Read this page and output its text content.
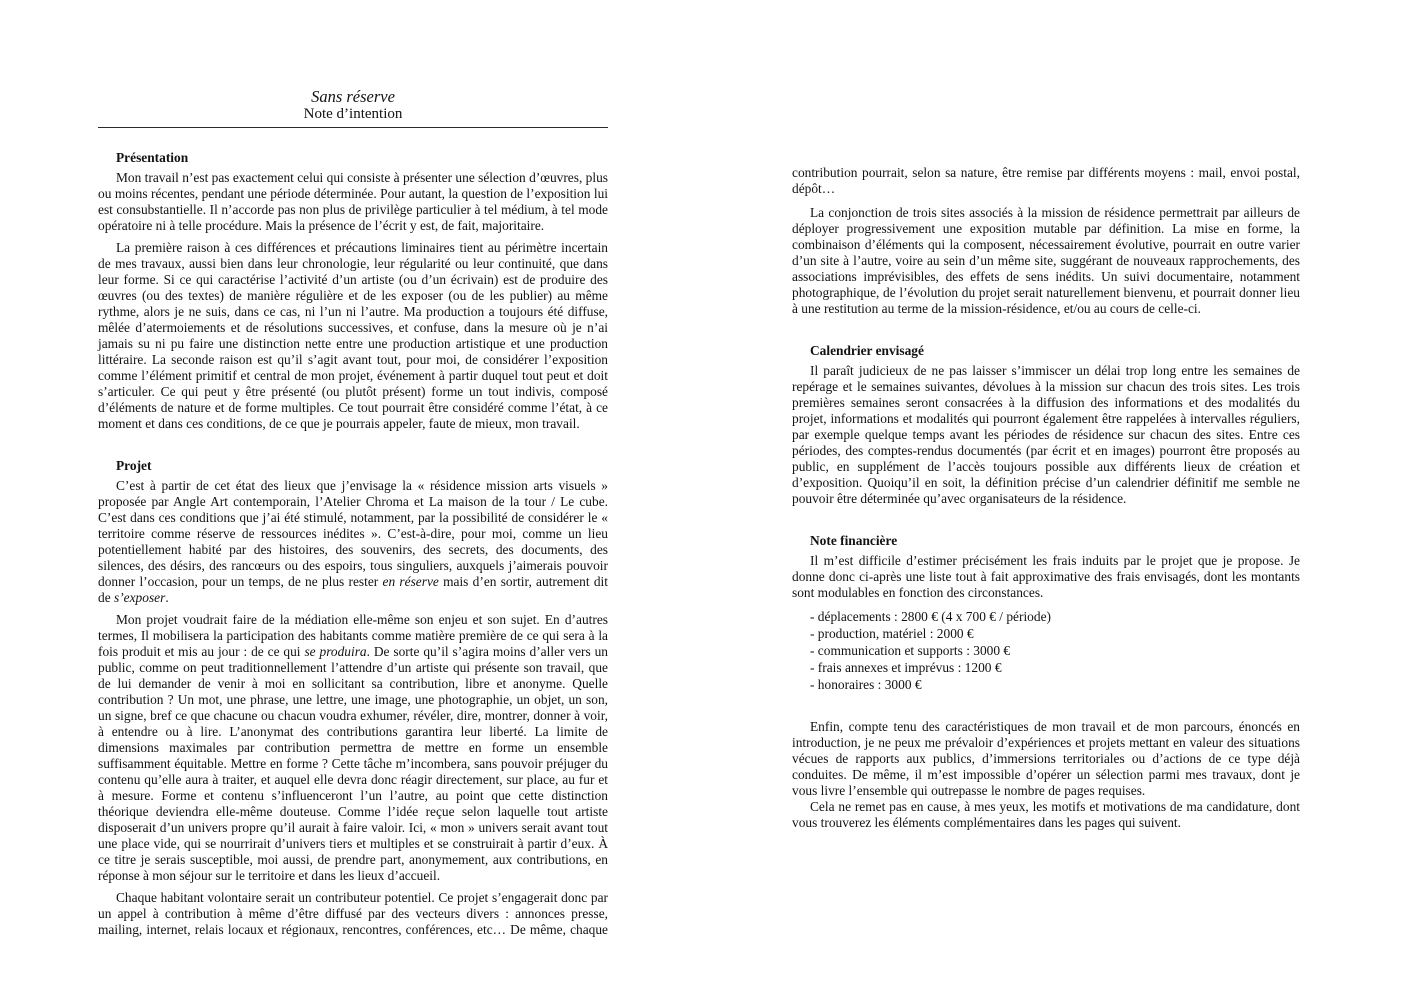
Sans réserve
Note d’intention
Présentation

Mon travail n’est pas exactement celui qui consiste à présenter une sélection d’œuvres, plus ou moins récentes, pendant une période déterminée. Pour autant, la question de l’exposition lui est consubstantielle. Il n’accorde pas non plus de privilège particulier à tel médium, à tel mode opératoire ni à telle procédure. Mais la présence de l’écrit y est, de fait, majoritaire.

La première raison à ces différences et précautions liminaires tient au périmètre incertain de mes travaux, aussi bien dans leur chronologie, leur régularité ou leur continuité, que dans leur forme. Si ce qui caractérise l’activité d’un artiste (ou d’un écrivain) est de produire des œuvres (ou des textes) de manière régulière et de les exposer (ou de les publier) au même rythme, alors je ne suis, dans ce cas, ni l’un ni l’autre. Ma production a toujours été diffuse, mêlée d’atermoiements et de résolutions successives, et confuse, dans la mesure où je n’ai jamais su ni pu faire une distinction nette entre une production artistique et une production littéraire. La seconde raison est qu’il s’agit avant tout, pour moi, de considérer l’exposition comme l’élément primitif et central de mon projet, événement à partir duquel tout peut et doit s’articuler. Ce qui peut y être présenté (ou plutôt présent) forme un tout indivis, composé d’éléments de nature et de forme multiples. Ce tout pourrait être considéré comme l’état, à ce moment et dans ces conditions, de ce que je pourrais appeler, faute de mieux, mon travail.

Projet

C’est à partir de cet état des lieux que j’envisage la « résidence mission arts visuels » proposée par Angle Art contemporain, l’Atelier Chroma et La maison de la tour / Le cube. C’est dans ces conditions que j’ai été stimulé, notamment, par la possibilité de considérer le « territoire comme réserve de ressources inédites ». C’est-à-dire, pour moi, comme un lieu potentiellement habité par des histoires, des souvenirs, des secrets, des documents, des silences, des désirs, des rancœurs ou des espoirs, tous singuliers, auxquels j’aimerais pouvoir donner l’occasion, pour un temps, de ne plus rester en réserve mais d’en sortir, autrement dit de s’exposer.

Mon projet voudrait faire de la médiation elle-même son enjeu et son sujet. En d’autres termes, Il mobilisera la participation des habitants comme matière première de ce qui sera à la fois produit et mis au jour : de ce qui se produira. De sorte qu’il s’agira moins d’aller vers un public, comme on peut traditionnellement l’attendre d’un artiste qui présente son travail, que de lui demander de venir à moi en sollicitant sa contribution, libre et anonyme. Quelle contribution ? Un mot, une phrase, une lettre, une image, une photographie, un objet, un son, un signe, bref ce que chacune ou chacun voudra exhumer, révéler, dire, montrer, donner à voir, à entendre ou à lire. L’anonymat des contributions garantira leur liberté. La limite de dimensions maximales par contribution permettra de mettre en forme un ensemble suffisamment équitable. Mettre en forme ? Cette tâche m’incombera, sans pouvoir préjuger du contenu qu’elle aura à traiter, et auquel elle devra donc réagir directement, sur place, au fur et à mesure. Forme et contenu s’influenceront l’un l’autre, au point que cette distinction théorique deviendra elle-même douteuse. Comme l’idée reçue selon laquelle tout artiste disposerait d’un univers propre qu’il aurait à faire valoir. Ici, « mon » univers serait avant tout une place vide, qui se nourrirait d’univers tiers et multiples et se construirait à partir d’eux. À ce titre je serais susceptible, moi aussi, de prendre part, anonymement, aux contributions, en réponse à mon séjour sur le territoire et dans les lieux d’accueil.

Chaque habitant volontaire serait un contributeur potentiel. Ce projet s’engagerait donc par un appel à contribution à même d’être diffusé par des vecteurs divers : annonces presse, mailing, internet, relais locaux et régionaux, rencontres, conférences, etc… De même, chaque

contribution pourrait, selon sa nature, être remise par différents moyens : mail, envoi postal, dépôt…

La conjonction de trois sites associés à la mission de résidence permettrait par ailleurs de déployer progressivement une exposition mutable par définition. La mise en forme, la combinaison d’éléments qui la composent, nécessairement évolutive, pourrait en outre varier d’un site à l’autre, voire au sein d’un même site, suggérant de nouveaux rapprochements, des associations imprévisibles, des effets de sens inédits. Un suivi documentaire, notamment photographique, de l’évolution du projet serait naturellement bienvenu, et pourrait donner lieu à une restitution au terme de la mission-résidence, et/ou au cours de celle-ci.

Calendrier envisagé

Il paraît judicieux de ne pas laisser s’immiscer un délai trop long entre les semaines de repérage et le semaines suivantes, dévolues à la mission sur chacun des trois sites. Les trois premières semaines seront consacrées à la diffusion des informations et des modalités du projet, informations et modalités qui pourront également être rappelées à intervalles réguliers, par exemple quelque temps avant les périodes de résidence sur chacun des sites. Entre ces périodes, des comptes-rendus documentés (par écrit et en images) pourront être proposés au public, en supplément de l’accès toujours possible aux différents lieux de création et d’exposition. Quoiqu’il en soit, la définition précise d’un calendrier définitif me semble ne pouvoir être déterminée qu’avec organisateurs de la résidence.

Note financière

Il m’est difficile d’estimer précisément les frais induits par le projet que je propose. Je donne donc ci-après une liste tout à fait approximative des frais envisagés, dont les montants sont modulables en fonction des circonstances.

- déplacements : 2800 € (4 x 700 € / période)
- production, matériel : 2000 €
- communication et supports : 3000 €
- frais annexes et imprévus : 1200 €
- honoraires : 3000 €

Enfin, compte tenu des caractéristiques de mon travail et de mon parcours, énoncés en introduction, je ne peux me prévaloir d’expériences et projets mettant en valeur des situations vécues de rapports aux publics, d’immersions territoriales ou d’actions de ce type déjà conduites. De même, il m’est impossible d’opérer un sélection parmi mes travaux, dont je vous livre l’ensemble qui outrepasse le nombre de pages requises.

Cela ne remet pas en cause, à mes yeux, les motifs et motivations de ma candidature, dont vous trouverez les éléments complémentaires dans les pages qui suivent.
